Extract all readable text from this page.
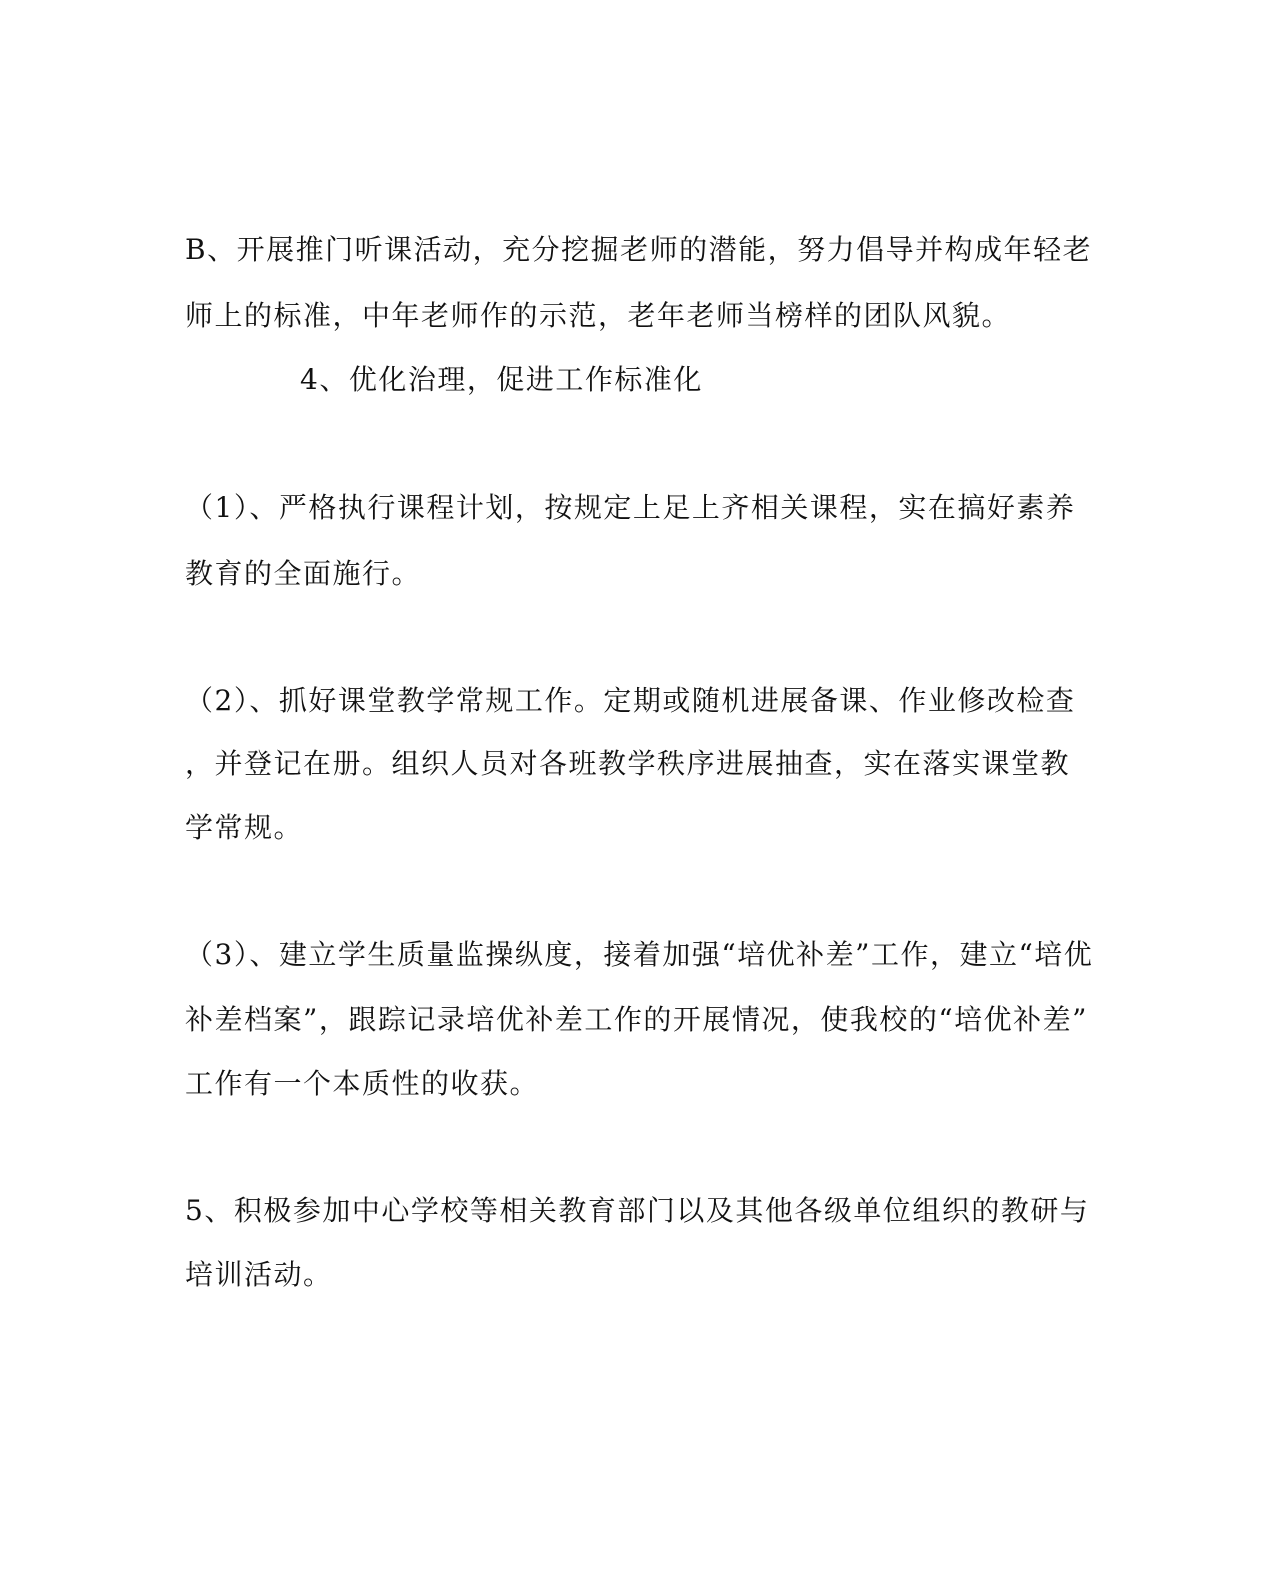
B、开展推门听课活动，充分挖掘老师的潜能，努力倡导并构成年轻老
师上的标准，中年老师作的示范，老年老师当榜样的团队风貌。
4、优化治理，促进工作标准化
（1）、严格执行课程计划，按规定上足上齐相关课程，实在搞好素养
教育的全面施行。
（2）、抓好课堂教学常规工作。定期或随机进展备课、作业修改检查
，并登记在册。组织人员对各班教学秩序进展抽查，实在落实课堂教
学常规。
（3）、建立学生质量监操纵度，接着加强“培优补差”工作，建立“培优
补差档案”，跟踪记录培优补差工作的开展情况，使我校的“培优补差”
工作有一个本质性的收获。
5、积极参加中心学校等相关教育部门以及其他各级单位组织的教研与
培训活动。
